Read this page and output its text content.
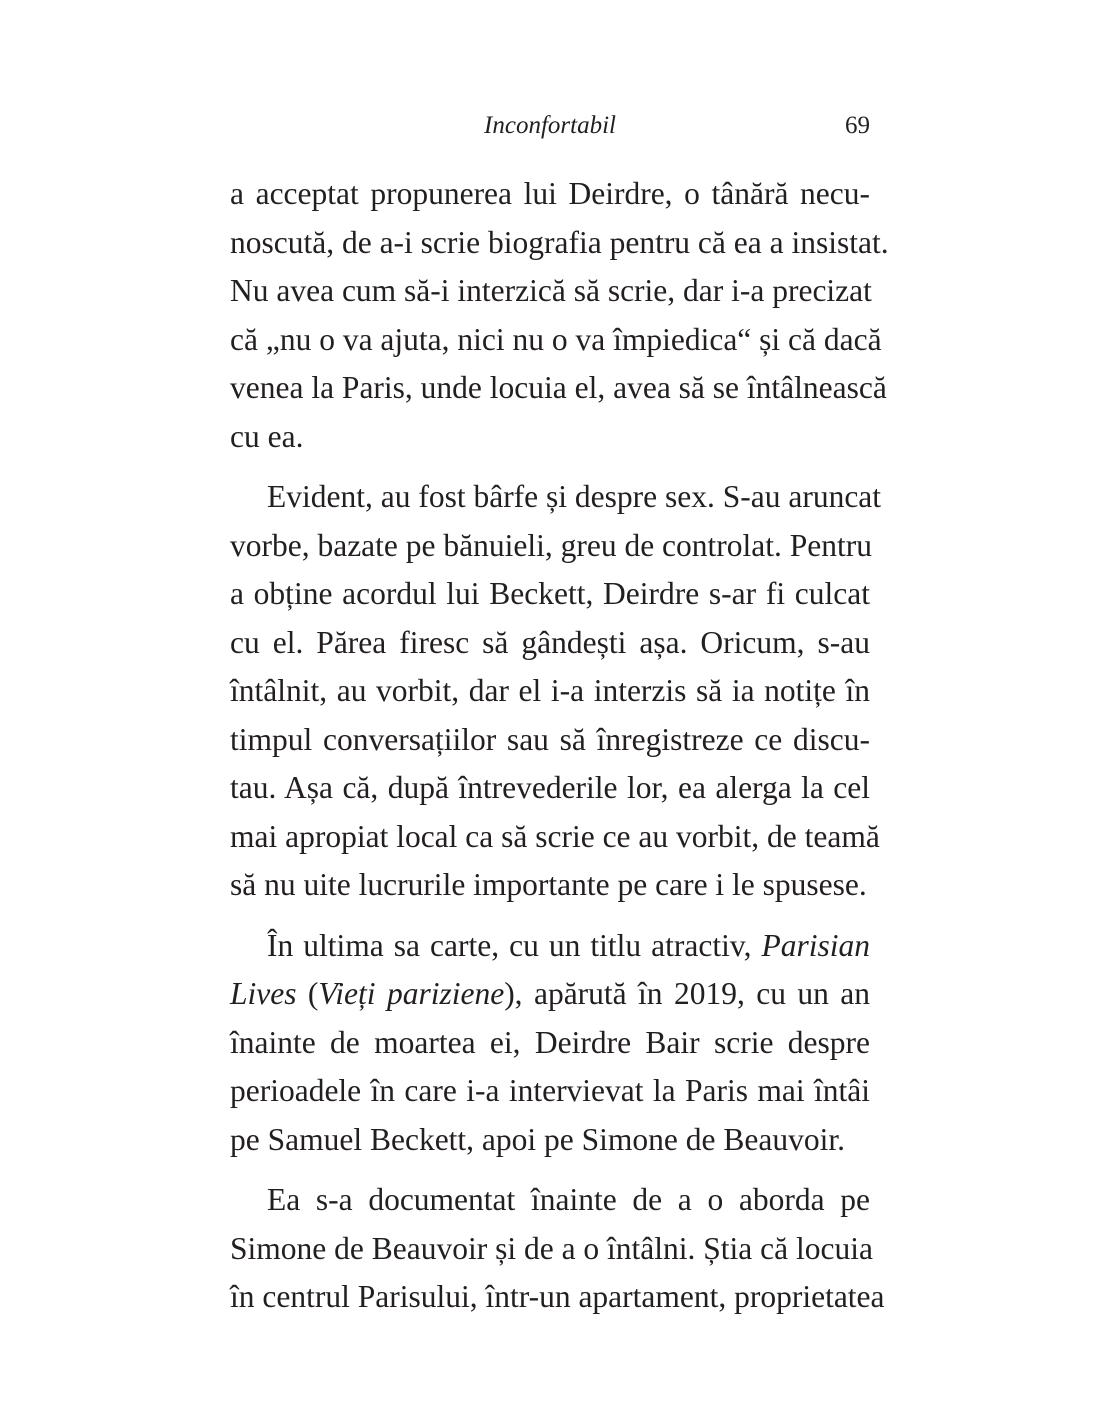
Inconfortabil	69
a acceptat propunerea lui Deirdre, o tânără necu-
noscută, de a-i scrie biografia pentru că ea a insistat.
Nu avea cum să-i interzică să scrie, dar i-a precizat
că „nu o va ajuta, nici nu o va împiedica“ și că dacă
venea la Paris, unde locuia el, avea să se întâlnească
cu ea.
Evident, au fost bârfe și despre sex. S-au aruncat
vorbe, bazate pe bănuieli, greu de controlat. Pentru
a obține acordul lui Beckett, Deirdre s-ar fi culcat
cu el. Părea firesc să gândești așa. Oricum, s-au
întâlnit, au vorbit, dar el i-a interzis să ia notițe în
timpul conversațiilor sau să înregistreze ce discu-
tau. Așa că, după întrevederile lor, ea alerga la cel
mai apropiat local ca să scrie ce au vorbit, de teamă
să nu uite lucrurile importante pe care i le spusese.
În ultima sa carte, cu un titlu atractiv, Parisian
Lives (Vieți pariziene), apărută în 2019, cu un an
înainte de moartea ei, Deirdre Bair scrie despre
perioadele în care i-a intervievat la Paris mai întâi
pe Samuel Beckett, apoi pe Simone de Beauvoir.
Ea s-a documentat înainte de a o aborda pe
Simone de Beauvoir și de a o întâlni. Știa că locuia
în centrul Parisului, într-un apartament, proprietatea
